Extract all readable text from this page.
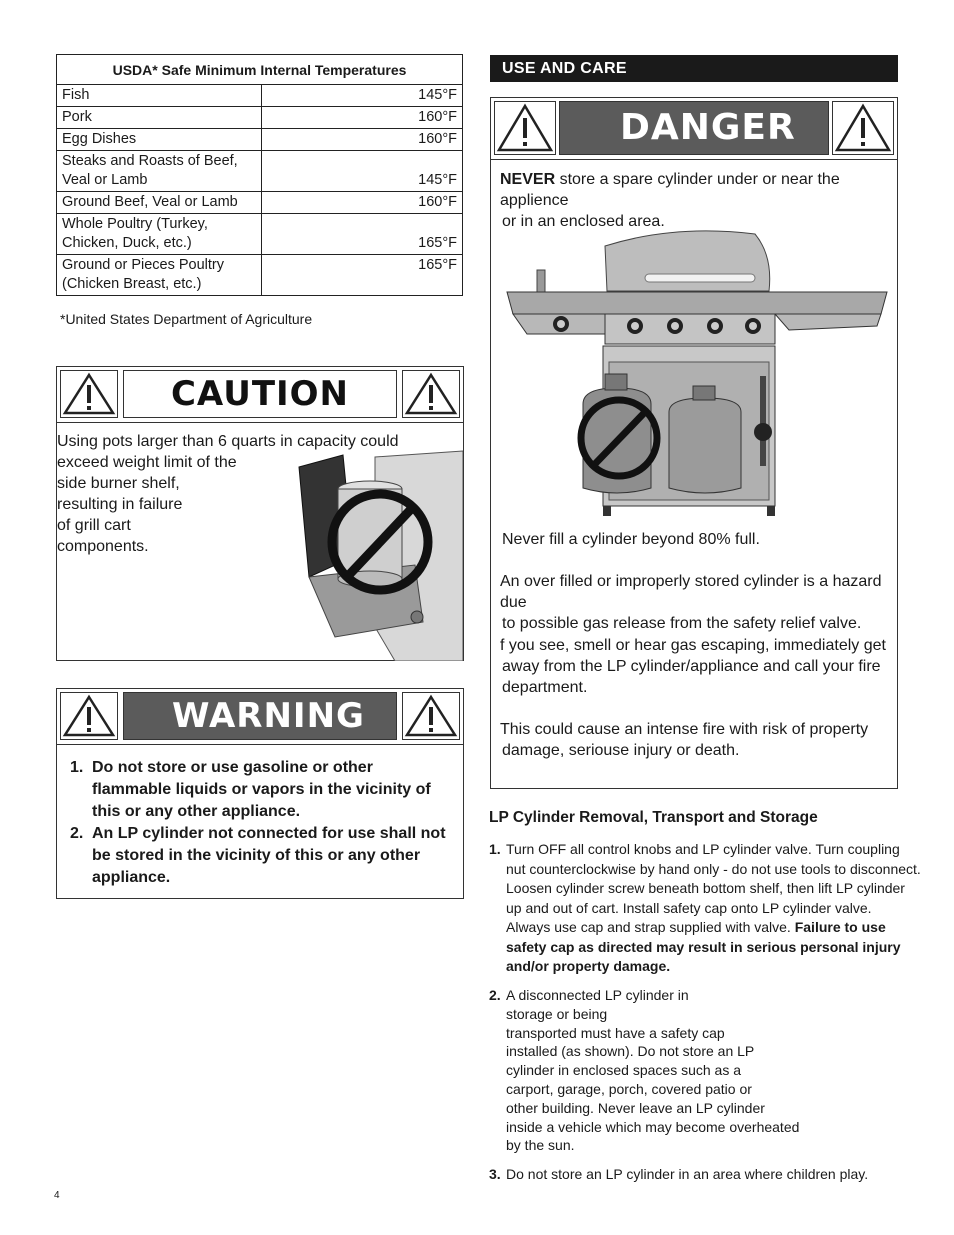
USDA* Safe Minimum Internal Temperatures	
Fish	145°F
Pork	160°F
Egg Dishes	160°F

Steaks and Roasts of Beef,
Veal or Lamb	145°F
Ground Beef, Veal or Lamb	160°F

Whole Poultry (Turkey,
Chicken, Duck, etc.)	165°F

Ground or Pieces Poultry
(Chicken Breast, etc.)	165°F
*United States Department of Agriculture
CAUTION
Using pots larger than 6 quarts in capacity could
exceed weight limit of the
side burner shelf,
resulting in failure
of grill cart
components.
WARNING
1. Do not store or use gasoline or other
flammable liquids or vapors in the vicinity of
this or any other appliance.
2. An LP cylinder not connected for use shall not
be stored in the vicinity of this or any other
appliance.
USE AND CARE
DANGER
NEVER store a spare cylinder under or near the applience
or in an enclosed area.
Never fill a cylinder beyond 80% full.
An over filled or improperly stored cylinder is a hazard due
to possible gas release from the safety relief valve.
f you see, smell or hear gas escaping, immediately get
away from the LP cylinder/appliance and call your fire
department.
This could cause an intense fire with risk of property
damage, seriouse injury or death.
LP Cylinder Removal, Transport and Storage
1. Turn OFF all control knobs and LP cylinder valve. Turn coupling
nut counterclockwise by hand only - do not use tools to disconnect.
Loosen cylinder screw beneath bottom shelf, then lift LP cylinder
up and out of cart. Install safety cap onto LP cylinder valve.
Always use cap and strap supplied with valve. Failure to use
safety cap as directed may result in serious personal injury
and/or property damage.
2. A disconnected LP cylinder in
storage or being
transported must have a safety cap
installed (as shown). Do not store an LP
cylinder in enclosed spaces such as a
carport, garage, porch, covered patio or
other building. Never leave an LP cylinder
inside a vehicle which may become overheated
by the sun.
3. Do not store an LP cylinder in an area where children play.
4
